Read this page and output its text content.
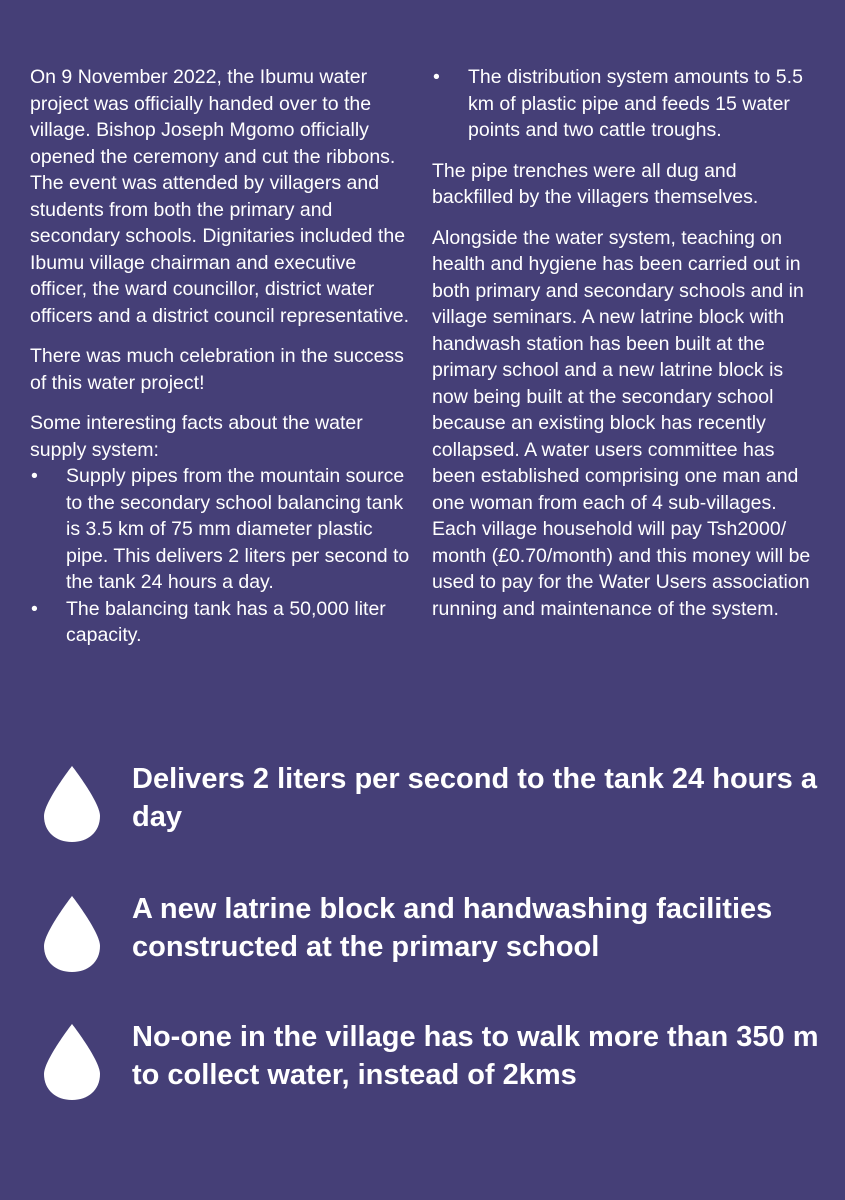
On 9 November 2022, the Ibumu water project was officially handed over to the village. Bishop Joseph Mgomo officially opened the ceremony and cut the ribbons. The event was attended by villagers and students from both the primary and secondary schools. Dignitaries included the Ibumu village chairman and executive officer, the ward councillor, district water officers and a district council representative.

There was much celebration in the success of this water project!

Some interesting facts about the water supply system:

• Supply pipes from the mountain source to the secondary school balancing tank is 3.5 km of 75 mm diameter plastic pipe. This delivers 2 liters per second to the tank 24 hours a day.
• The balancing tank has a 50,000 liter capacity.
• The distribution system amounts to 5.5 km of plastic pipe and feeds 15 water points and two cattle troughs.

The pipe trenches were all dug and backfilled by the villagers themselves.

Alongside the water system, teaching on health and hygiene has been carried out in both primary and secondary schools and in village seminars. A new latrine block with handwash station has been built at the primary school and a new latrine block is now being built at the secondary school because an existing block has recently collapsed. A water users committee has been established comprising one man and one woman from each of 4 sub-villages. Each village household will pay Tsh2000/ month (£0.70/month) and this money will be used to pay for the Water Users association running and maintenance of the system.

Delivers 2 liters per second to the tank 24 hours a day
A new latrine block and handwashing facilities constructed at the primary school
No-one in the village has to walk more than 350 m to collect water, instead of 2kms
